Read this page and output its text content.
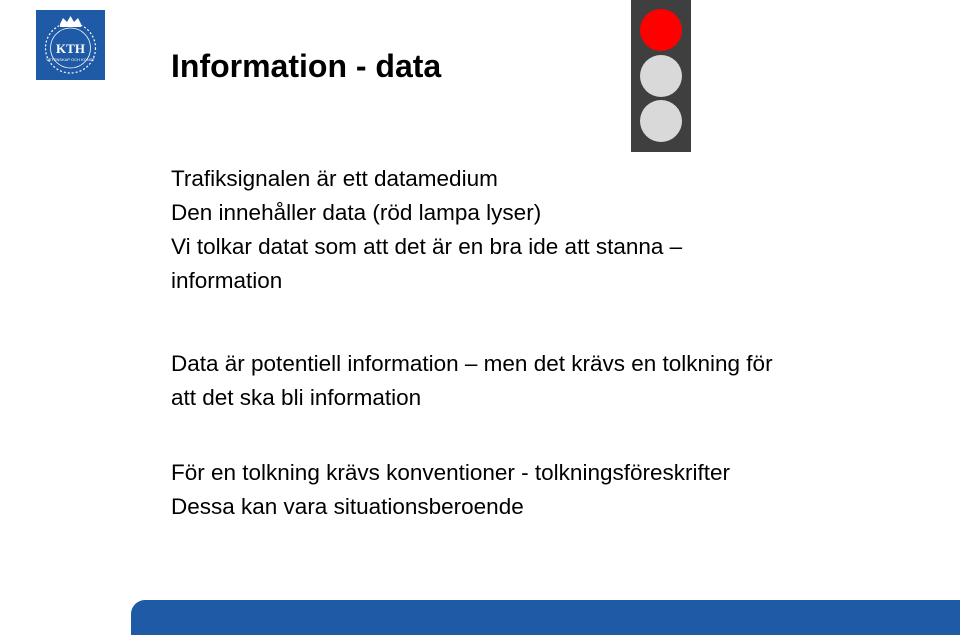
KTH
VETENSKAP OCH KONST Information - data
Trafiksignalen är ett datamedium
Den innehåller data (röd lampa lyser)
Vi tolkar datat som att det är en bra ide att stanna –
information
Data är potentiell information – men det krävs en tolkning för
att det ska bli information
För en tolkning krävs konventioner - tolkningsföreskrifter
Dessa kan vara situationsberoende
